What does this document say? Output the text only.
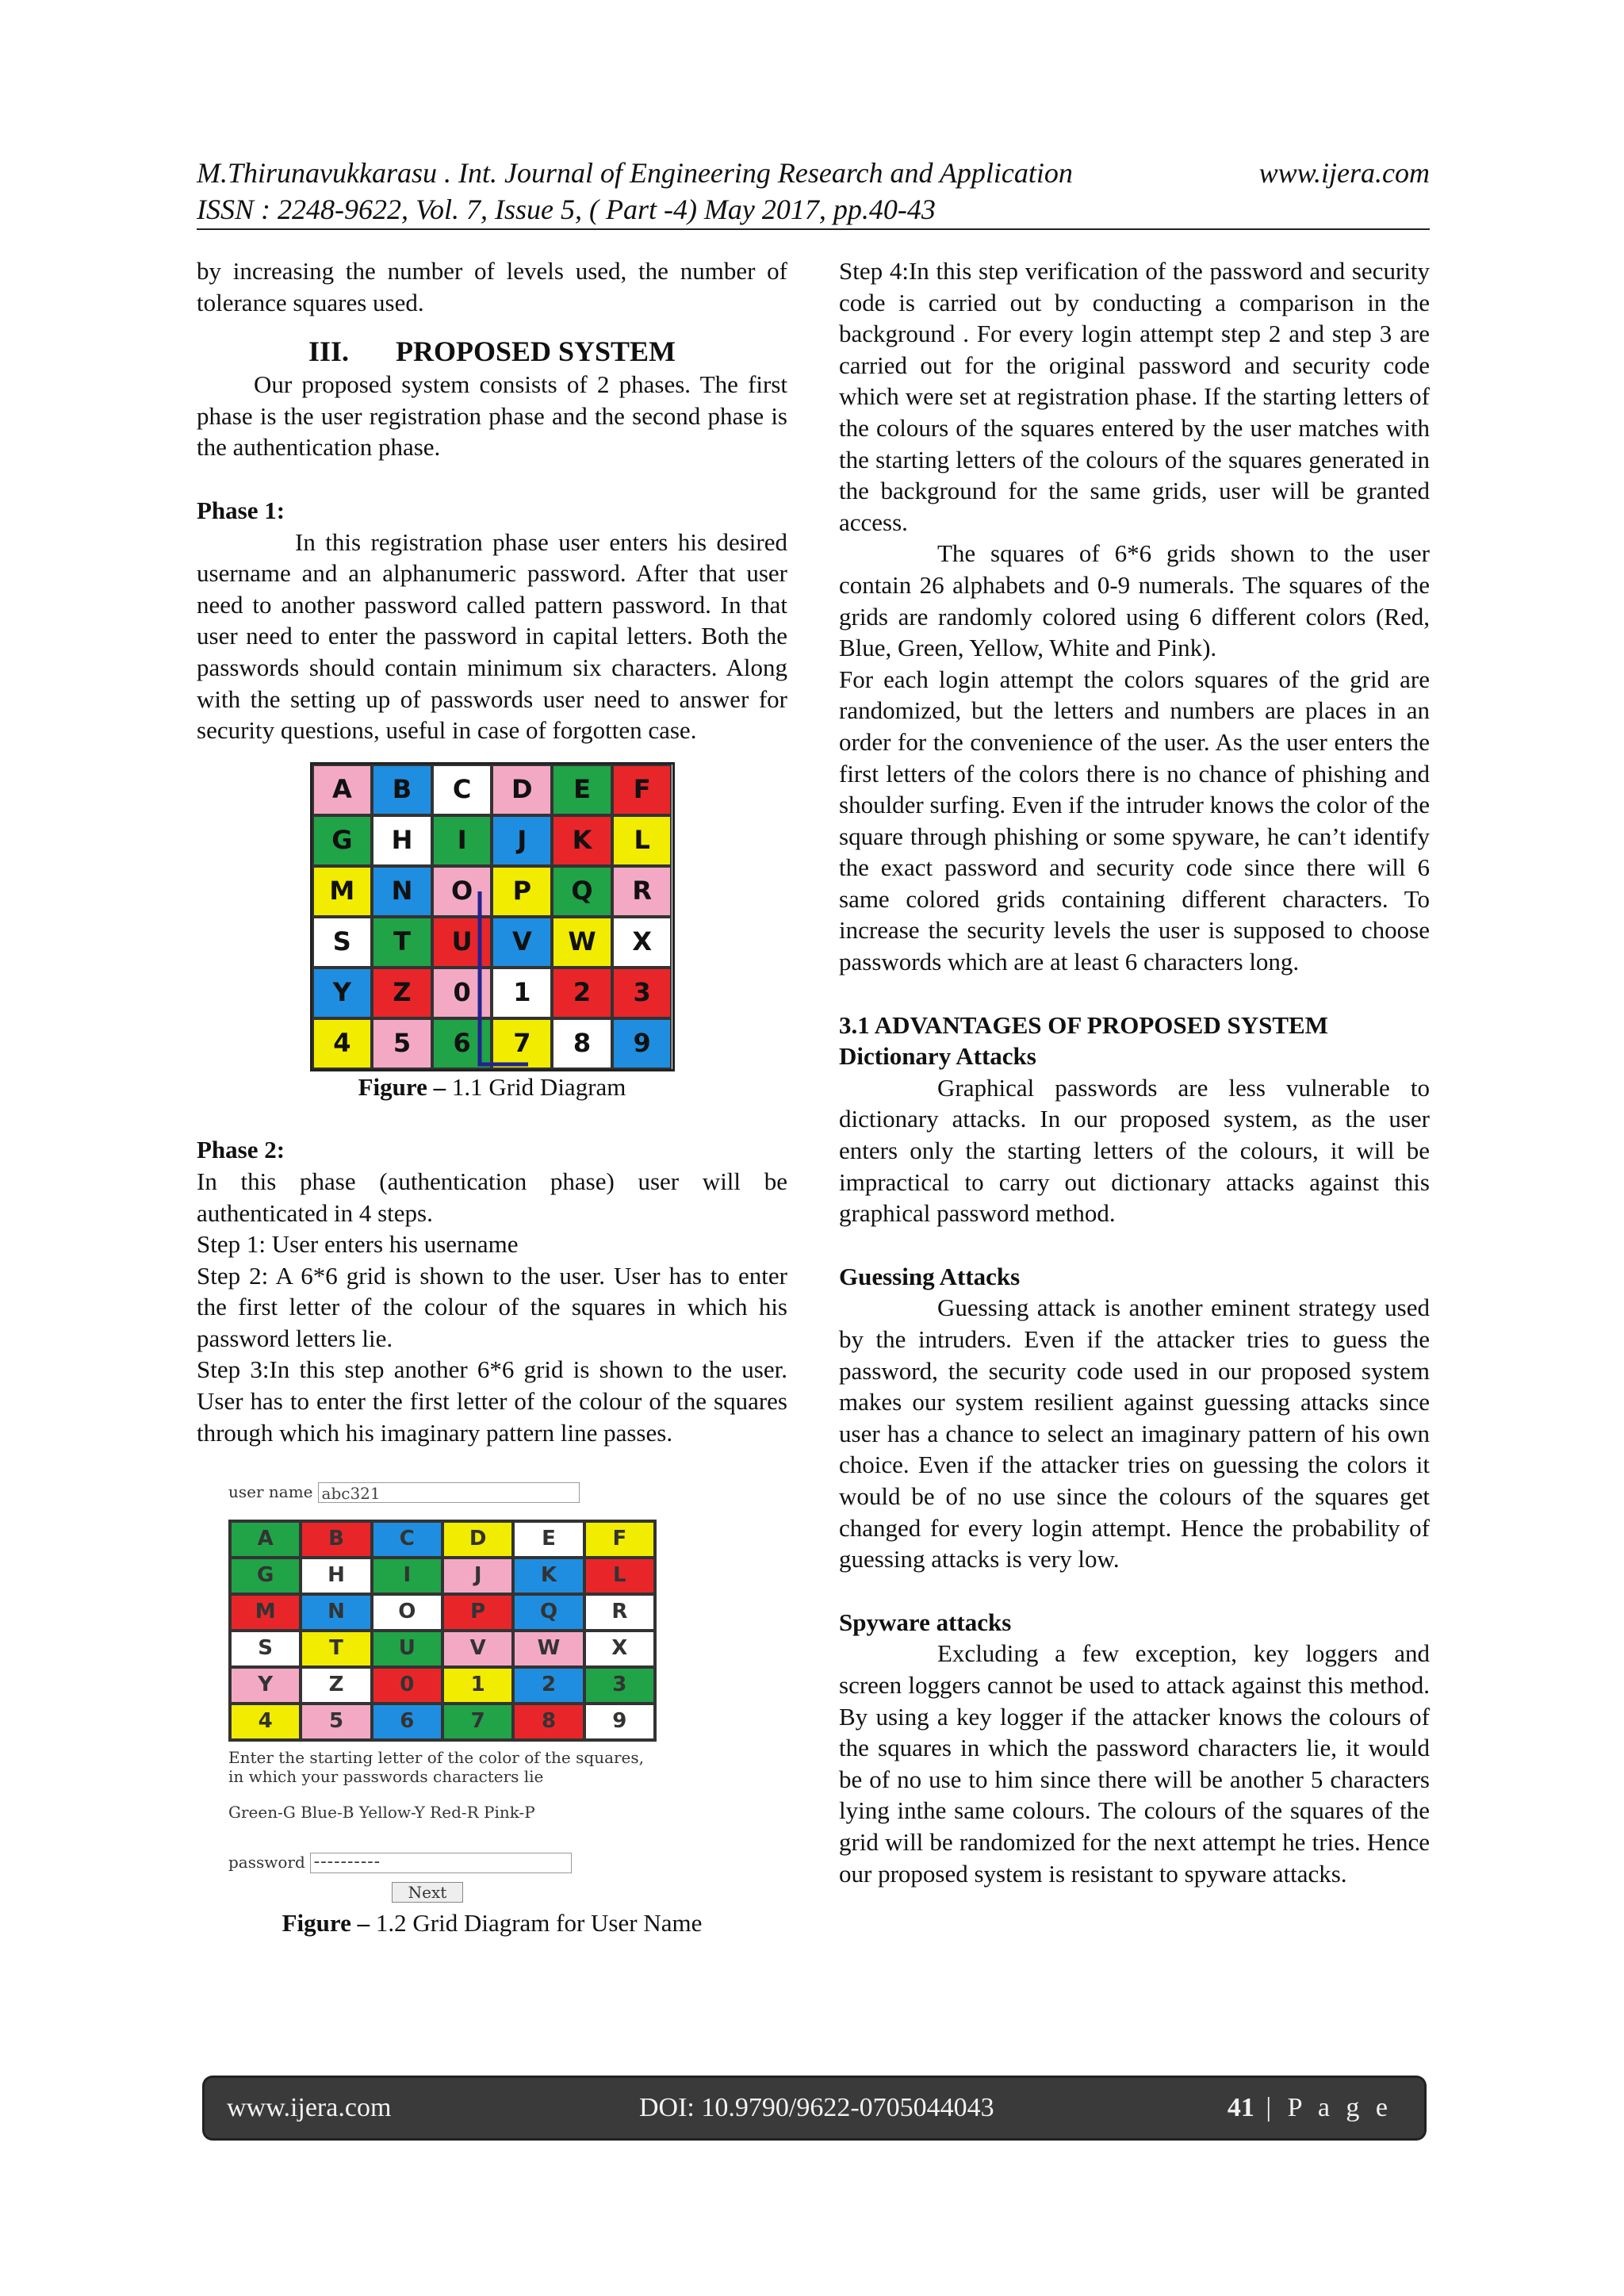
M.Thirunavukkarasu . Int. Journal of Engineering Research and Application	www.ijera.com
ISSN : 2248-9622, Vol. 7, Issue 5, ( Part -4) May 2017, pp.40-43

by increasing the number of levels used, the number of tolerance squares used.

III. PROPOSED SYSTEM

Our proposed system consists of 2 phases. The first phase is the user registration phase and the second phase is the authentication phase.

Phase 1:

In this registration phase user enters his desired username and an alphanumeric password. After that user need to another password called pattern password. In that user need to enter the password in capital letters. Both the passwords should contain minimum six characters. Along with the setting up of passwords user need to answer for security questions, useful in case of forgotten case.

A	B	C	D	E	F
G	H	I	J	K	L
M	N	O	P	Q	R
S	T	U	V	W	X
Y	Z	0	1	2	3
4	5	6	7	8	9

Figure – 1.1 Grid Diagram

Phase 2:

In this phase (authentication phase) user will be authenticated in 4 steps.

Step 1: User enters his username

Step 2: A 6*6 grid is shown to the user. User has to enter the first letter of the colour of the squares in which his password letters lie.

Step 3:In this step another 6*6 grid is shown to the user. User has to enter the first letter of the colour of the squares through which his imaginary pattern line passes.

user name abc321
A	B	C	D	E	F
G	H	I	J	K	L
M	N	O	P	Q	R
S	T	U	V	W	X
Y	Z	0	1	2	3
4	5	6	7	8	9
Enter the starting letter of the color of the squares,
in which your passwords characters lie
Green-G Blue-B Yellow-Y Red-R Pink-P
password ----------
Next

Figure – 1.2 Grid Diagram for User Name

Step 4:In this step verification of the password and security code is carried out by conducting a comparison in the background . For every login attempt step 2 and step 3 are carried out for the original password and security code which were set at registration phase. If the starting letters of the colours of the squares entered by the user matches with the starting letters of the colours of the squares generated in the background for the same grids, user will be granted access.

The squares of 6*6 grids shown to the user contain 26 alphabets and 0-9 numerals. The squares of the grids are randomly colored using 6 different colors (Red, Blue, Green, Yellow, White and Pink).

For each login attempt the colors squares of the grid are randomized, but the letters and numbers are places in an order for the convenience of the user. As the user enters the first letters of the colors there is no chance of phishing and shoulder surfing. Even if the intruder knows the color of the square through phishing or some spyware, he can’t identify the exact password and security code since there will 6 same colored grids containing different characters. To increase the security levels the user is supposed to choose passwords which are at least 6 characters long.

3.1 ADVANTAGES OF PROPOSED SYSTEM

Dictionary Attacks

Graphical passwords are less vulnerable to dictionary attacks. In our proposed system, as the user enters only the starting letters of the colours, it will be impractical to carry out dictionary attacks against this graphical password method.

Guessing Attacks

Guessing attack is another eminent strategy used by the intruders. Even if the attacker tries to guess the password, the security code used in our proposed system makes our system resilient against guessing attacks since user has a chance to select an imaginary pattern of his own choice. Even if the attacker tries on guessing the colors it would be of no use since the colours of the squares get changed for every login attempt. Hence the probability of guessing attacks is very low.

Spyware attacks

Excluding a few exception, key loggers and screen loggers cannot be used to attack against this method. By using a key logger if the attacker knows the colours of the squares in which the password characters lie, it would be of no use to him since there will be another 5 characters lying inthe same colours. The colours of the squares of the grid will be randomized for the next attempt he tries. Hence our proposed system is resistant to spyware attacks.

www.ijera.com	DOI: 10.9790/9622-0705044043	41 | P a g e
